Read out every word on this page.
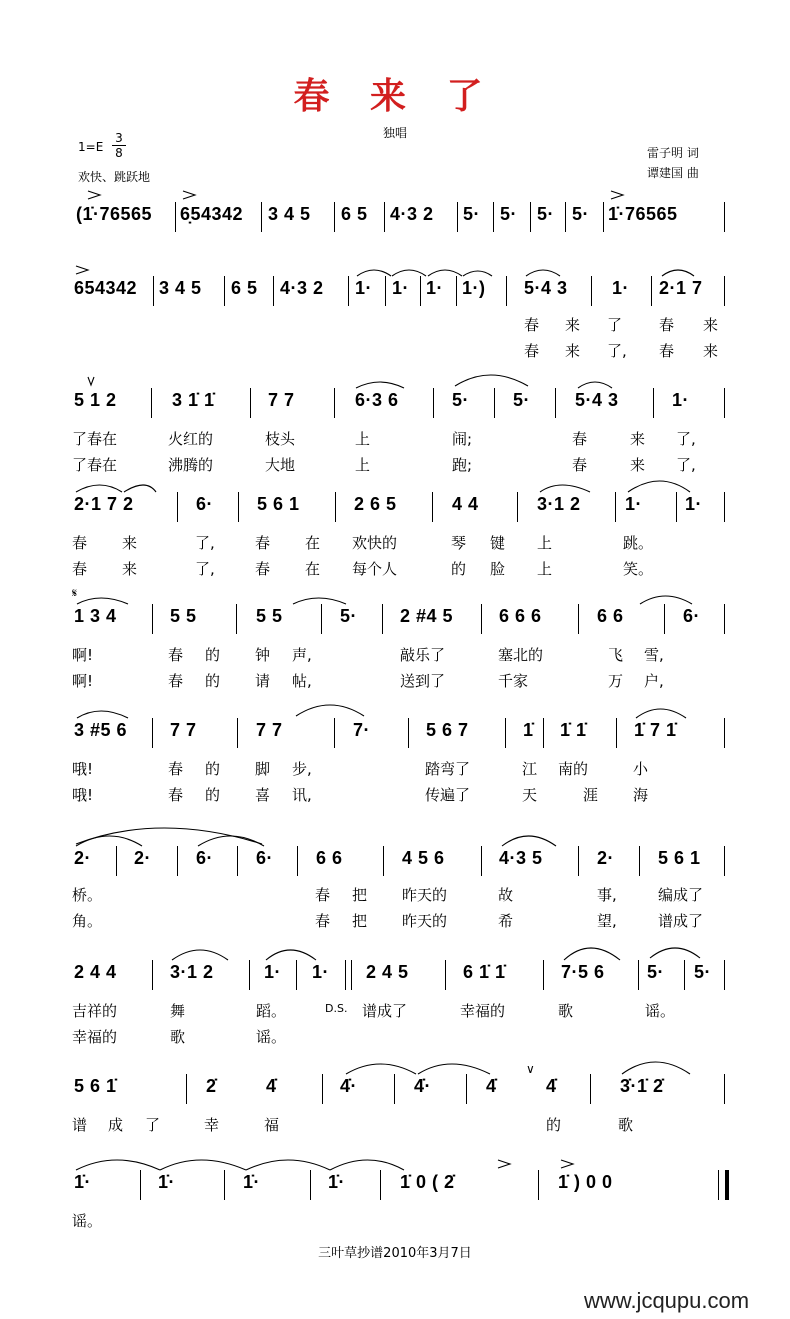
春 来 了
独唱
$1=E \frac{3}{8}$
欢快、跳跃地
雷子明 词
谭建国 曲
(1̇·76565 6̣54342 3 4 5 6 5 4·3 2 5· 5· 5· 5· 1̇·76565
654342 3 4 5 6 5 4·3 2 1· 1· 1· 1·) 5·4 3 1· 2·1 7
春 来 了 春 来
春 来 了, 春 来
5 1 2	3 1̇ 1̇	7 7	6·3 6	5· 5· 5·4 3	1·
了春在	火红的	枝头	上	闹;	春	来 了,
了春在	沸腾的	大地	上	跑;	春	来 了,
2·1 7 2	6· 5 6 1	2 6 5	4 4	3·1 2 1· 1·
春 来	了,	春 在 欢快的	琴 键 上	跳。
春 来	了,	春 在 每个人	的 脸 上	笑。
𝄋
1 3 4	5 5	5 5	5· 2 #4 5	6 6 6	6 6	6·
啊!	春 的 钟 声,	敲乐了	塞北的	飞 雪,
啊!	春 的 请 帖,	送到了	千家	万 户,
3 #5 6 7 7	7 7	7·	5 6 7	1̇ 1̇ 1̇	1̇ 7 1̇
哦!	春 的 脚 步,	踏弯了	江 南的	小
哦!	春 的 喜 讯,	传遍了	天	涯 海
2· 2· 6· 6· 6 6	4 5 6	4·3 5	2· 5 6 1
桥。	春 把 昨天的	故	事,	编成了
角。	春 把 昨天的	希	望,	谱成了
2 4 4	3·1 2	1· 1· 2 4 5	6 1̇ 1̇	7·5 6 5· 5·
吉祥的	舞	蹈。	D.S. 谱成了	幸福的	歌	谣。
幸福的	歌	谣。
5 6 1̇	2̇	4̇	4̇·	4̇·	4̇
∨
4̇	3̇·1̇ 2̇
谱 成 了	幸	福	的	歌
1̇·	1̇·	1̇·	1̇·	1̇ 0 ( 2̇	1̇ ) 0 0
谣。
三叶草抄谱2010年3月7日
www.jcqupu.com
